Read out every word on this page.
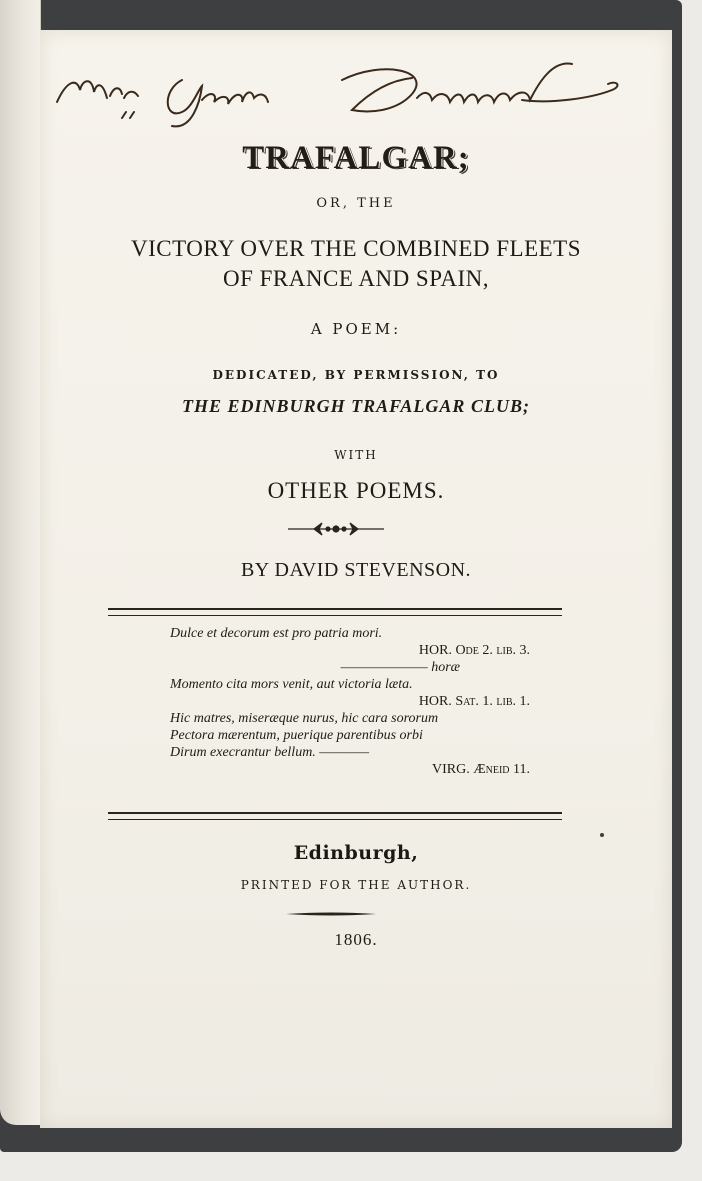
TRAFALGAR;
OR, THE
VICTORY OVER THE COMBINED FLEETS
OF FRANCE AND SPAIN,
A POEM:
DEDICATED, BY PERMISSION, TO
THE EDINBURGH TRAFALGAR CLUB;
WITH
OTHER POEMS.
BY DAVID STEVENSON.
Dulce et decorum est pro patria mori.
HOR. Ode 2. lib. 3.
——————— horæ
Momento cita mors venit, aut victoria læta.
HOR. Sat. 1. lib. 1.
Hic matres, miseræque nurus, hic cara sororum
Pectora mærentum, puerique parentibus orbi
Dirum execrantur bellum. ————
VIRG. Æneid 11.
Edinburgh,
PRINTED FOR THE AUTHOR.
1806.
